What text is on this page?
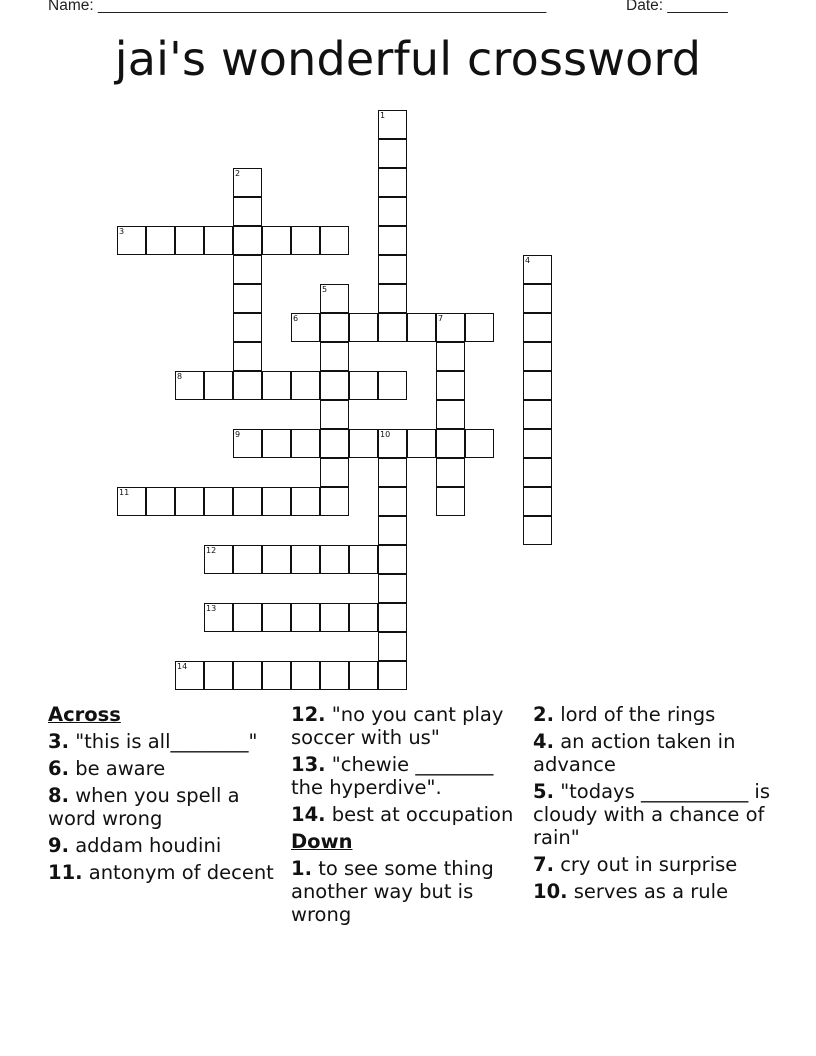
Name: ____________________________________________________	Date: _______
jai's wonderful crossword
1
2
3
4
5
6	7
8
9	10
11
12
13
14
Across
3. "this is all________"
6. be aware
8. when you spell a word wrong
9. addam houdini
11. antonym of decent
12. "no you cant play soccer with us"
13. "chewie ________ the hyperdive".
14. best at occupation
Down
1. to see some thing another way but is wrong
2. lord of the rings
4. an action taken in advance
5. "todays ___________ is cloudy with a chance of rain"
7. cry out in surprise
10. serves as a rule
